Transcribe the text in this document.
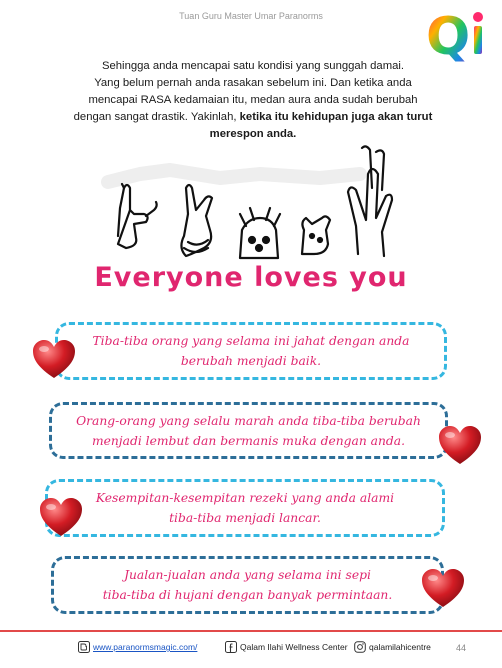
Tuan Guru Master Umar Paranorms	Q
Sehingga anda mencapai satu kondisi yang sunggah damai.
Yang belum pernah anda rasakan sebelum ini. Dan ketika anda
mencapai RASA kedamaian itu, medan aura anda sudah berubah
dengan sangat drastik. Yakinlah, ketika itu kehidupan juga akan turut
merespon anda.
Everyone loves you
Tiba-tiba orang yang selama ini jahat dengan anda
berubah menjadi baik.
Orang-orang yang selalu marah anda tiba-tiba berubah
menjadi lembut dan bermanis muka dengan anda.
Kesempitan-kesempitan rezeki yang anda alami
tiba-tiba menjadi lancar.
Jualan-jualan anda yang selama ini sepi
tiba-tiba di hujani dengan banyak permintaan.
www.paranormsmagic.com/	Qalam Ilahi Wellness Center	qalamilahicentre	44
